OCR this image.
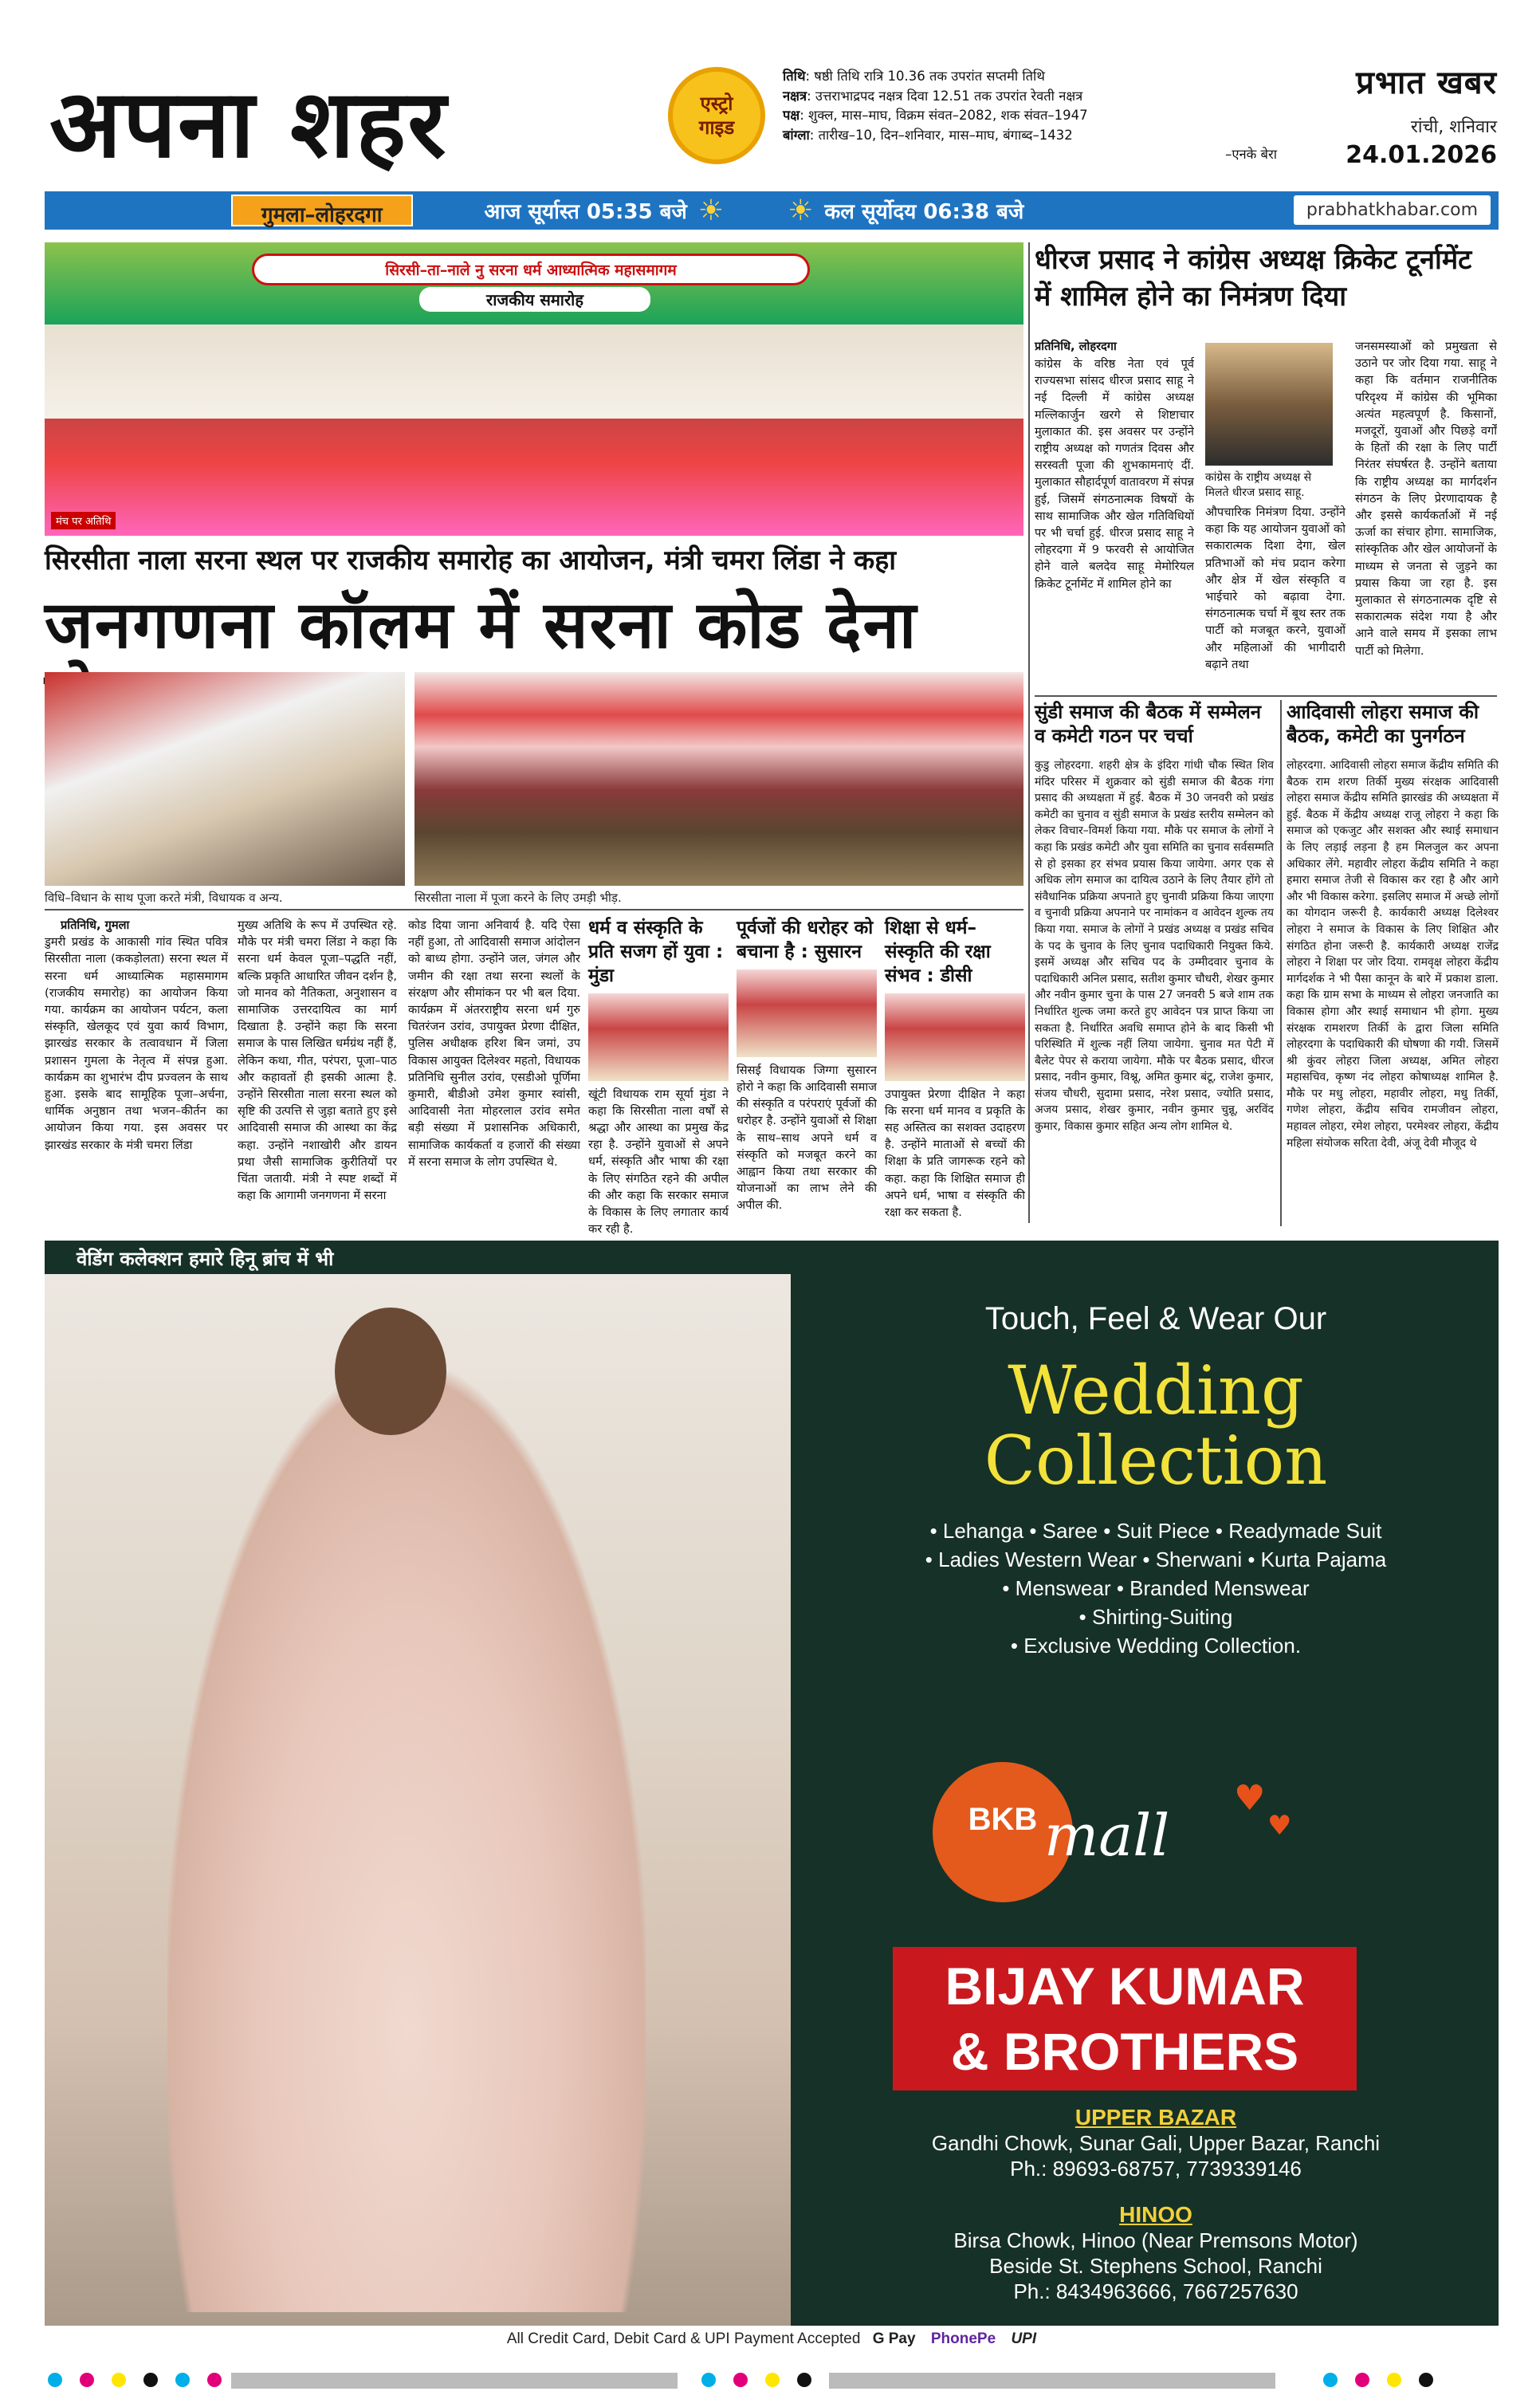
अपना शहर	एस्ट्रो
गाइड
तिथि: षष्ठी तिथि रात्रि 10.36 तक उपरांत सप्तमी तिथि
नक्षत्र: उत्तराभाद्रपद नक्षत्र दिवा 12.51 तक उपरांत रेवती नक्षत्र
पक्ष: शुक्ल, मास–माघ, विक्रम संवत–2082, शक संवत–1947
बांग्ला: तारीख–10, दिन–शनिवार, मास–माघ, बंगाब्द–1432
–एनके बेरा
प्रभात खबर
रांची, शनिवार
24.01.2026
गुमला–लोहरदगा	आज सूर्यास्त 05:35 बजे ☀ ☀ कल सूर्योदय 06:38 बजे	prabhatkhabar.com
सिरसी–ता–नाले नु सरना धर्म आध्यात्मिक महासमागम
राजकीय समारोह
मंच पर अतिथि
सिरसीता नाला सरना स्थल पर राजकीय समारोह का आयोजन, मंत्री चमरा लिंडा ने कहा
जनगणना कॉलम में सरना कोड देना
विधि–विधान के साथ पूजा करते मंत्री, विधायक व अन्य.	सिरसीता नाला में पूजा करने के लिए उमड़ी भीड़.
प्रतिनिधि, गुमला
डुमरी प्रखंड के आकासी गांव स्थित पवित्र सिरसीता नाला (ककड़ोलता) सरना स्थल में सरना धर्म आध्यात्मिक महासमागम (राजकीय समारोह) का आयोजन किया गया. कार्यक्रम का आयोजन पर्यटन, कला संस्कृति, खेलकूद एवं युवा कार्य विभाग, झारखंड सरकार के तत्वावधान में जिला प्रशासन गुमला के नेतृत्व में संपन्न हुआ. कार्यक्रम का शुभारंभ दीप प्रज्वलन के साथ हुआ. इसके बाद सामूहिक पूजा–अर्चना, धार्मिक अनुष्ठान तथा भजन–कीर्तन का आयोजन किया गया. इस अवसर पर झारखंड सरकार के मंत्री चमरा लिंडा
मुख्य अतिथि के रूप में उपस्थित रहे. मौके पर मंत्री चमरा लिंडा ने कहा कि सरना धर्म केवल पूजा–पद्धति नहीं, बल्कि प्रकृति आधारित जीवन दर्शन है, जो मानव को नैतिकता, अनुशासन व सामाजिक उत्तरदायित्व का मार्ग दिखाता है. उन्होंने कहा कि सरना समाज के पास लिखित धर्मग्रंथ नहीं हैं, लेकिन कथा, गीत, परंपरा, पूजा–पाठ और कहावतों ही इसकी आत्मा है. उन्होंने सिरसीता नाला सरना स्थल को सृष्टि की उत्पत्ति से जुड़ा बताते हुए इसे आदिवासी समाज की आस्था का केंद्र कहा. उन्होंने नशाखोरी और डायन प्रथा जैसी सामाजिक कुरीतियों पर चिंता जतायी. मंत्री ने स्पष्ट शब्दों में कहा कि आगामी जनगणना में सरना
कोड दिया जाना अनिवार्य है. यदि ऐसा नहीं हुआ, तो आदिवासी समाज आंदोलन को बाध्य होगा. उन्होंने जल, जंगल और जमीन की रक्षा तथा सरना स्थलों के संरक्षण और सीमांकन पर भी बल दिया. कार्यक्रम में अंतरराष्ट्रीय सरना धर्म गुरु चितरंजन उरांव, उपायुक्त प्रेरणा दीक्षित, पुलिस अधीक्षक हरिश बिन जमां, उप विकास आयुक्त दिलेश्वर महतो, विधायक प्रतिनिधि सुनील उरांव, एसडीओ पूर्णिमा कुमारी, बीडीओ उमेश कुमार स्वांसी, आदिवासी नेता मोहरलाल उरांव समेत बड़ी संख्या में प्रशासनिक अधिकारी, सामाजिक कार्यकर्ता व हजारों की संख्या में सरना समाज के लोग उपस्थित थे.
धर्म व संस्कृति के प्रति सजग हों युवा : मुंडा
खूंटी विधायक राम सूर्या मुंडा ने कहा कि सिरसीता नाला वर्षों से श्रद्धा और आस्था का प्रमुख केंद्र रहा है. उन्होंने युवाओं से अपने धर्म, संस्कृति और भाषा की रक्षा के लिए संगठित रहने की अपील की और कहा कि सरकार समाज के विकास के लिए लगातार कार्य कर रही है.
पूर्वजों की धरोहर को बचाना है : सुसारन
सिसई विधायक जिग्गा सुसारन होरो ने कहा कि आदिवासी समाज की संस्कृति व परंपराएं पूर्वजों की धरोहर है. उन्होंने युवाओं से शिक्षा के साथ–साथ अपने धर्म व संस्कृति को मजबूत करने का आह्वान किया तथा सरकार की योजनाओं का लाभ लेने की अपील की.
शिक्षा से धर्म–संस्कृति की रक्षा संभव : डीसी
उपायुक्त प्रेरणा दीक्षित ने कहा कि सरना धर्म मानव व प्रकृति के सह अस्तित्व का सशक्त उदाहरण है. उन्होंने माताओं से बच्चों की शिक्षा के प्रति जागरूक रहने को कहा. कहा कि शिक्षित समाज ही अपने धर्म, भाषा व संस्कृति की रक्षा कर सकता है.
धीरज प्रसाद ने कांग्रेस अध्यक्ष क्रिकेट टूर्नामेंट में शामिल होने का निमंत्रण दिया
प्रतिनिधि, लोहरदगा
कांग्रेस के वरिष्ठ नेता एवं पूर्व राज्यसभा सांसद धीरज प्रसाद साहू ने नई दिल्ली में कांग्रेस अध्यक्ष मल्लिकार्जुन खरगे से शिष्टाचार मुलाकात की. इस अवसर पर उन्होंने राष्ट्रीय अध्यक्ष को गणतंत्र दिवस और सरस्वती पूजा की शुभकामनाएं दीं. मुलाकात सौहार्दपूर्ण वातावरण में संपन्न हुई, जिसमें संगठनात्मक विषयों के साथ सामाजिक और खेल गतिविधियों पर भी चर्चा हुई. धीरज प्रसाद साहू ने लोहरदगा में 9 फरवरी से आयोजित होने वाले बलदेव साहू मेमोरियल क्रिकेट टूर्नामेंट में शामिल होने का
कांग्रेस के राष्ट्रीय अध्यक्ष से मिलते धीरज प्रसाद साहू.
औपचारिक निमंत्रण दिया. उन्होंने कहा कि यह आयोजन युवाओं को सकारात्मक दिशा देगा, खेल प्रतिभाओं को मंच प्रदान करेगा और क्षेत्र में खेल संस्कृति व भाईचारे को बढ़ावा देगा. संगठनात्मक चर्चा में बूथ स्तर तक पार्टी को मजबूत करने, युवाओं और महिलाओं की भागीदारी बढ़ाने तथा
जनसमस्याओं को प्रमुखता से उठाने पर जोर दिया गया. साहू ने कहा कि वर्तमान राजनीतिक परिदृश्य में कांग्रेस की भूमिका अत्यंत महत्वपूर्ण है. किसानों, मजदूरों, युवाओं और पिछड़े वर्गों के हितों की रक्षा के लिए पार्टी निरंतर संघर्षरत है. उन्होंने बताया कि राष्ट्रीय अध्यक्ष का मार्गदर्शन संगठन के लिए प्रेरणादायक है और इससे कार्यकर्ताओं में नई ऊर्जा का संचार होगा. सामाजिक, सांस्कृतिक और खेल आयोजनों के माध्यम से जनता से जुड़ने का प्रयास किया जा रहा है. इस मुलाकात से संगठनात्मक दृष्टि से सकारात्मक संदेश गया है और आने वाले समय में इसका लाभ पार्टी को मिलेगा.
सुंडी समाज की बैठक में सम्मेलन व कमेटी गठन पर चर्चा
कुडु लोहरदगा. शहरी क्षेत्र के इंदिरा गांधी चौक स्थित शिव मंदिर परिसर में शुक्रवार को सुंडी समाज की बैठक गंगा प्रसाद की अध्यक्षता में हुई. बैठक में 30 जनवरी को प्रखंड कमेटी का चुनाव व सुंडी समाज के प्रखंड स्तरीय सम्मेलन को लेकर विचार–विमर्श किया गया. मौके पर समाज के लोगों ने कहा कि प्रखंड कमेटी और युवा समिति का चुनाव सर्वसम्मति से हो इसका हर संभव प्रयास किया जायेगा. अगर एक से अधिक लोग समाज का दायित्व उठाने के लिए तैयार होंगे तो संवैधानिक प्रक्रिया अपनाते हुए चुनावी प्रक्रिया किया जाएगा व चुनावी प्रक्रिया अपनाने पर नामांकन व आवेदन शुल्क तय किया गया. समाज के लोगों ने प्रखंड अध्यक्ष व प्रखंड सचिव के पद के चुनाव के लिए चुनाव पदाधिकारी नियुक्त किये. इसमें अध्यक्ष और सचिव पद के उम्मीदवार चुनाव के पदाधिकारी अनिल प्रसाद, सतीश कुमार चौधरी, शेखर कुमार और नवीन कुमार चुना के पास 27 जनवरी 5 बजे शाम तक निर्धारित शुल्क जमा करते हुए आवेदन पत्र प्राप्त किया जा सकता है. निर्धारित अवधि समाप्त होने के बाद किसी भी परिस्थिति में शुल्क नहीं लिया जायेगा. चुनाव मत पेटी में बैलेट पेपर से कराया जायेगा. मौके पर बैठक प्रसाद, धीरज प्रसाद, नवीन कुमार, विश्नू, अमित कुमार बंटू, राजेश कुमार, संजय चौधरी, सुदामा प्रसाद, नरेश प्रसाद, ज्योति प्रसाद, अजय प्रसाद, शेखर कुमार, नवीन कुमार चुन्नू, अरविंद कुमार, विकास कुमार सहित अन्य लोग शामिल थे.
आदिवासी लोहरा समाज की बैठक, कमेटी का पुनर्गठन
लोहरदगा. आदिवासी लोहरा समाज केंद्रीय समिति की बैठक राम शरण तिर्की मुख्य संरक्षक आदिवासी लोहरा समाज केंद्रीय समिति झारखंड की अध्यक्षता में हुई. बैठक में केंद्रीय अध्यक्ष राजू लोहरा ने कहा कि समाज को एकजुट और सशक्त और स्थाई समाधान के लिए लड़ाई लड़ना है हम मिलजुल कर अपना अधिकार लेंगे. महावीर लोहरा केंद्रीय समिति ने कहा हमारा समाज तेजी से विकास कर रहा है और आगे और भी विकास करेगा. इसलिए समाज में अच्छे लोगों का योगदान जरूरी है. कार्यकारी अध्यक्ष दिलेश्वर लोहरा ने समाज के विकास के लिए शिक्षित और संगठित होना जरूरी है. कार्यकारी अध्यक्ष राजेंद्र लोहरा ने शिक्षा पर जोर दिया. रामवृक्ष लोहरा केंद्रीय मार्गदर्शक ने भी पैसा कानून के बारे में प्रकाश डाला. कहा कि ग्राम सभा के माध्यम से लोहरा जनजाति का विकास होगा और स्थाई समाधान भी होगा. मुख्य संरक्षक रामशरण तिर्की के द्वारा जिला समिति लोहरदगा के पदाधिकारी की घोषणा की गयी. जिसमें श्री कुंवर लोहरा जिला अध्यक्ष, अमित लोहरा महासचिव, कृष्ण नंद लोहरा कोषाध्यक्ष शामिल है. मौके पर मधु लोहरा, महावीर लोहरा, मधु तिर्की, गणेश लोहरा, केंद्रीय सचिव रामजीवन लोहरा, महावल लोहरा, रमेश लोहरा, परमेश्वर लोहरा, केंद्रीय महिला संयोजक सरिता देवी, अंजू देवी मौजूद थे
वेडिंग कलेक्शन हमारे हिनू ब्रांच में भी
Touch, Feel & Wear Our
Wedding
Collection
• Lehanga • Saree • Suit Piece • Readymade Suit
• Ladies Western Wear • Sherwani • Kurta Pajama
• Menswear • Branded Menswear
• Shirting-Suiting
• Exclusive Wedding Collection.
BKB mall
♥
♥
BIJAY KUMAR
& BROTHERS
UPPER BAZAR
Gandhi Chowk, Sunar Gali, Upper Bazar, Ranchi
Ph.: 89693-68757, 7739339146
HINOO
Birsa Chowk, Hinoo (Near Premsons Motor)
Beside St. Stephens School, Ranchi
Ph.: 8434963666, 7667257630
All Credit Card, Debit Card & UPI Payment Accepted G Pay PhonePe UPI
